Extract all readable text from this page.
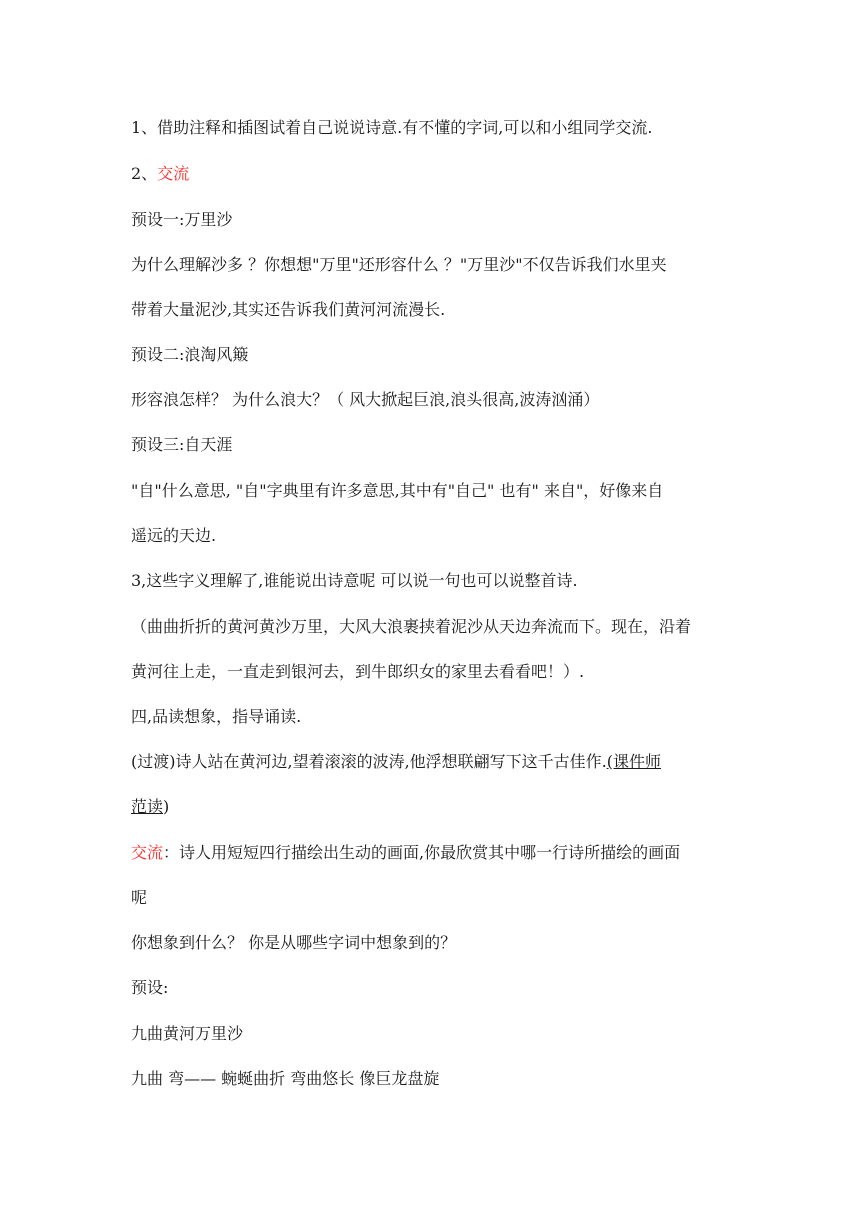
1、借助注释和插图试着自己说说诗意.有不懂的字词,可以和小组同学交流.
2、交流
预设一:万里沙
为什么理解沙多 ？你想想"万里"还形容什么 ？"万里沙"不仅告诉我们水里夹
带着大量泥沙,其实还告诉我们黄河河流漫长.
预设二:浪淘风簸
形容浪怎样？ 为什么浪大？（ 风大掀起巨浪,浪头很高,波涛汹涌）
预设三:自天涯
"自"什么意思, "自"字典里有许多意思,其中有"自己" 也有" 来自"，好像来自
遥远的天边.
3,这些字义理解了,谁能说出诗意呢 可以说一句也可以说整首诗.
（曲曲折折的黄河黄沙万里，大风大浪裹挟着泥沙从天边奔流而下。现在，沿着
黄河往上走，一直走到银河去，到牛郎织女的家里去看看吧！）.
四,品读想象，指导诵读.
(过渡)诗人站在黄河边,望着滚滚的波涛,他浮想联翩写下这千古佳作.(课件师
范读)
交流：诗人用短短四行描绘出生动的画面,你最欣赏其中哪一行诗所描绘的画面
呢
你想象到什么？ 你是从哪些字词中想象到的？
预设:
九曲黄河万里沙
九曲 弯—— 蜿蜒曲折 弯曲悠长 像巨龙盘旋
